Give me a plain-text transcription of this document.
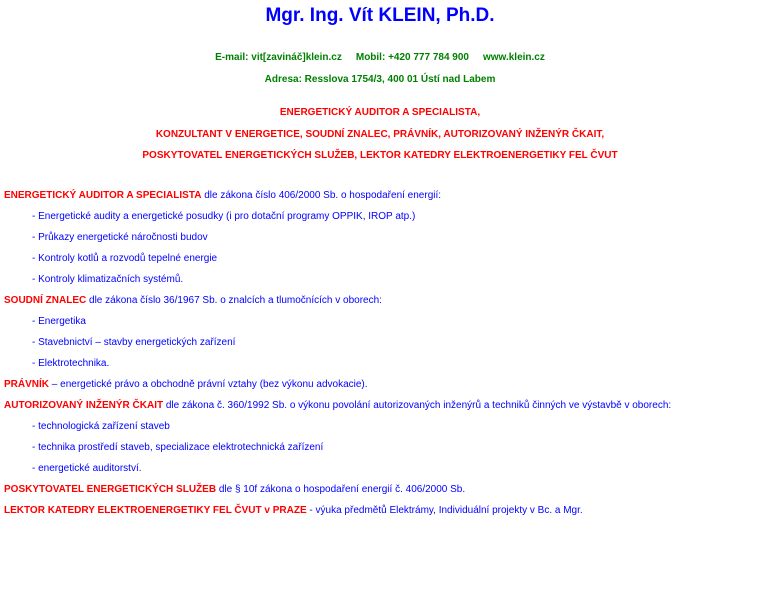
Mgr. Ing. Vít KLEIN, Ph.D.
E-mail: vit[zavináč]klein.cz Mobil: +420 777 784 900 www.klein.cz
Adresa: Resslova 1754/3, 400 01 Ústí nad Labem
ENERGETICKÝ AUDITOR A SPECIALISTA,
KONZULTANT V ENERGETICE, SOUDNÍ ZNALEC, PRÁVNÍK, AUTORIZOVANÝ INŽENÝR ČKAIT,
POSKYTOVATEL ENERGETICKÝCH SLUŽEB, LEKTOR KATEDRY ELEKTROENERGETIKY FEL ČVUT
ENERGETICKÝ AUDITOR A SPECIALISTA dle zákona číslo 406/2000 Sb. o hospodaření energií:
- Energetické audity a energetické posudky (i pro dotační programy OPPIK, IROP atp.)
- Průkazy energetické náročnosti budov
- Kontroly kotlů a rozvodů tepelné energie
- Kontroly klimatizačních systémů.
SOUDNÍ ZNALEC dle zákona číslo 36/1967 Sb. o znalcích a tlumočnících v oborech:
- Energetika
- Stavebnictví – stavby energetických zařízení
- Elektrotechnika.
PRÁVNÍK – energetické právo a obchodně právní vztahy (bez výkonu advokacie).
AUTORIZOVANÝ INŽENÝR ČKAIT dle zákona č. 360/1992 Sb. o výkonu povolání autorizovaných inženýrů a techniků činných ve výstavbě v oborech:
- technologická zařízení staveb
- technika prostředí staveb, specializace elektrotechnická zařízení
- energetické auditorství.
POSKYTOVATEL ENERGETICKÝCH SLUŽEB dle § 10f zákona o hospodaření energií č. 406/2000 Sb.
LEKTOR KATEDRY ELEKTROENERGETIKY FEL ČVUT v PRAZE - výuka předmětů Elektrámy, Individuální projekty v Bc. a Mgr.
